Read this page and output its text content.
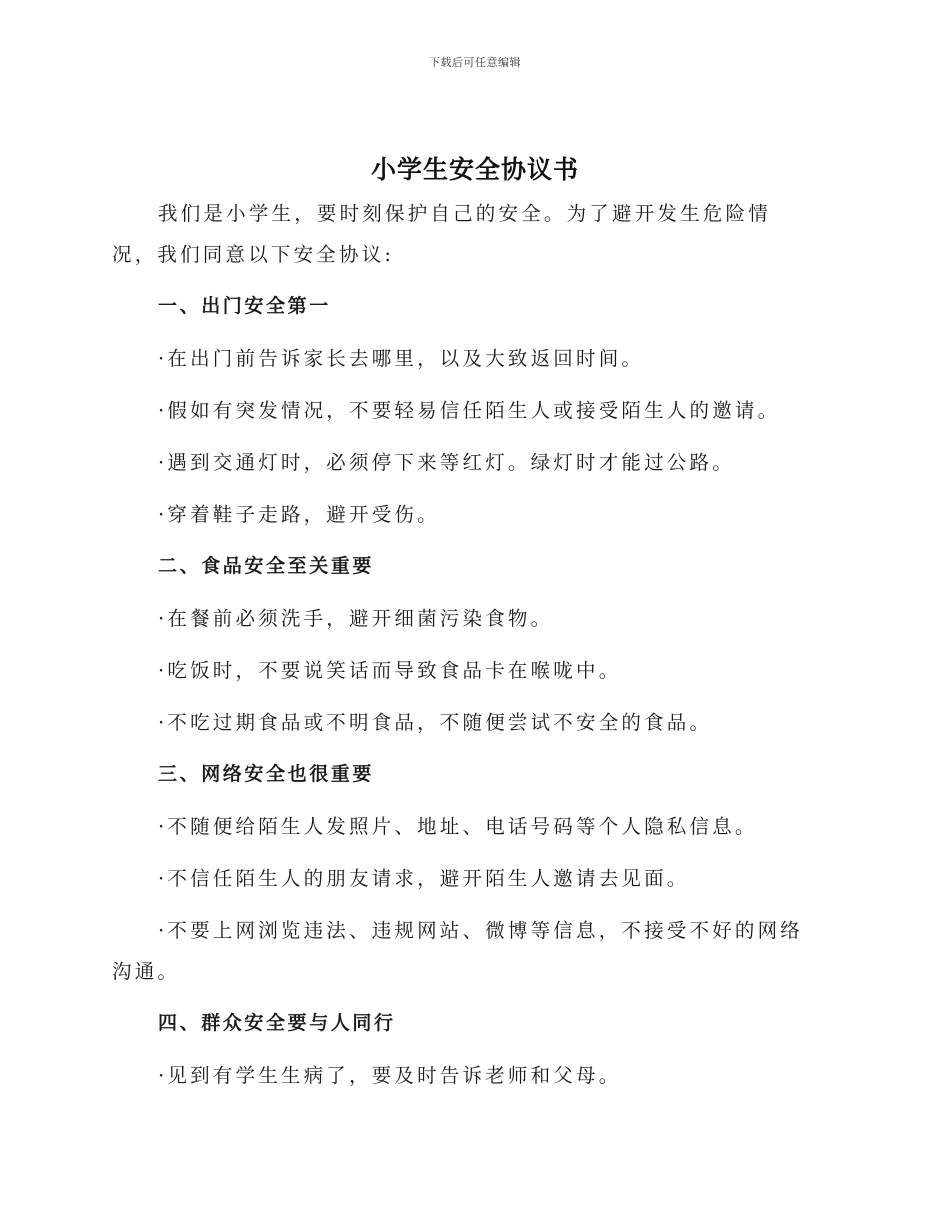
下载后可任意编辑
小学生安全协议书

我们是小学生，要时刻保护自己的安全。为了避开发生危险情况，我们同意以下安全协议:

一、出门安全第一

·在出门前告诉家长去哪里，以及大致返回时间。

·假如有突发情况，不要轻易信任陌生人或接受陌生人的邀请。

·遇到交通灯时，必须停下来等红灯。绿灯时才能过公路。

·穿着鞋子走路，避开受伤。

二、食品安全至关重要

·在餐前必须洗手，避开细菌污染食物。

·吃饭时，不要说笑话而导致食品卡在喉咙中。

·不吃过期食品或不明食品，不随便尝试不安全的食品。

三、网络安全也很重要

·不随便给陌生人发照片、地址、电话号码等个人隐私信息。

·不信任陌生人的朋友请求，避开陌生人邀请去见面。

·不要上网浏览违法、违规网站、微博等信息，不接受不好的网络沟通。

四、群众安全要与人同行

·见到有学生生病了，要及时告诉老师和父母。
